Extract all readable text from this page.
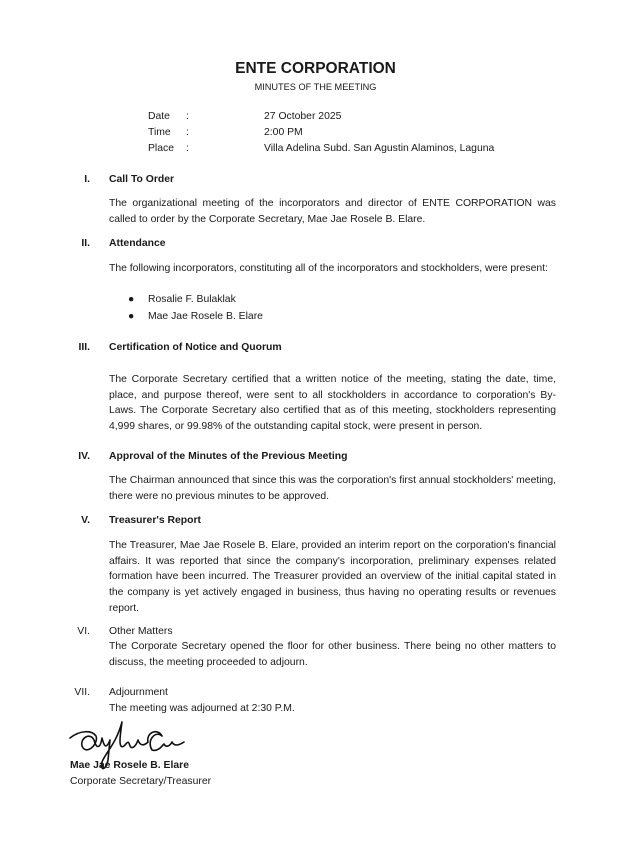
ENTE CORPORATION
MINUTES OF THE MEETING
Date	:	27 October 2025
Time	:	2:00 PM
Place	:	Villa Adelina Subd. San Agustin Alaminos, Laguna
I. Call To Order
The organizational meeting of the incorporators and director of ENTE CORPORATION was called to order by the Corporate Secretary, Mae Jae Rosele B. Elare.
II. Attendance
The following incorporators, constituting all of the incorporators and stockholders, were present:
● Rosalie F. Bulaklak
● Mae Jae Rosele B. Elare
III. Certification of Notice and Quorum
The Corporate Secretary certified that a written notice of the meeting, stating the date, time, place, and purpose thereof, were sent to all stockholders in accordance to corporation's By-Laws. The Corporate Secretary also certified that as of this meeting, stockholders representing 4,999 shares, or 99.98% of the outstanding capital stock, were present in person.
IV. Approval of the Minutes of the Previous Meeting
The Chairman announced that since this was the corporation's first annual stockholders' meeting, there were no previous minutes to be approved.
V. Treasurer's Report
The Treasurer, Mae Jae Rosele B. Elare, provided an interim report on the corporation's financial affairs. It was reported that since the company's incorporation, preliminary expenses related formation have been incurred. The Treasurer provided an overview of the initial capital stated in the company is yet actively engaged in business, thus having no operating results or revenues report.
VI. Other Matters
The Corporate Secretary opened the floor for other business. There being no other matters to discuss, the meeting proceeded to adjourn.
VII. Adjournment
The meeting was adjourned at 2:30 P.M.
Mae Jae Rosele B. Elare
Corporate Secretary/Treasurer
